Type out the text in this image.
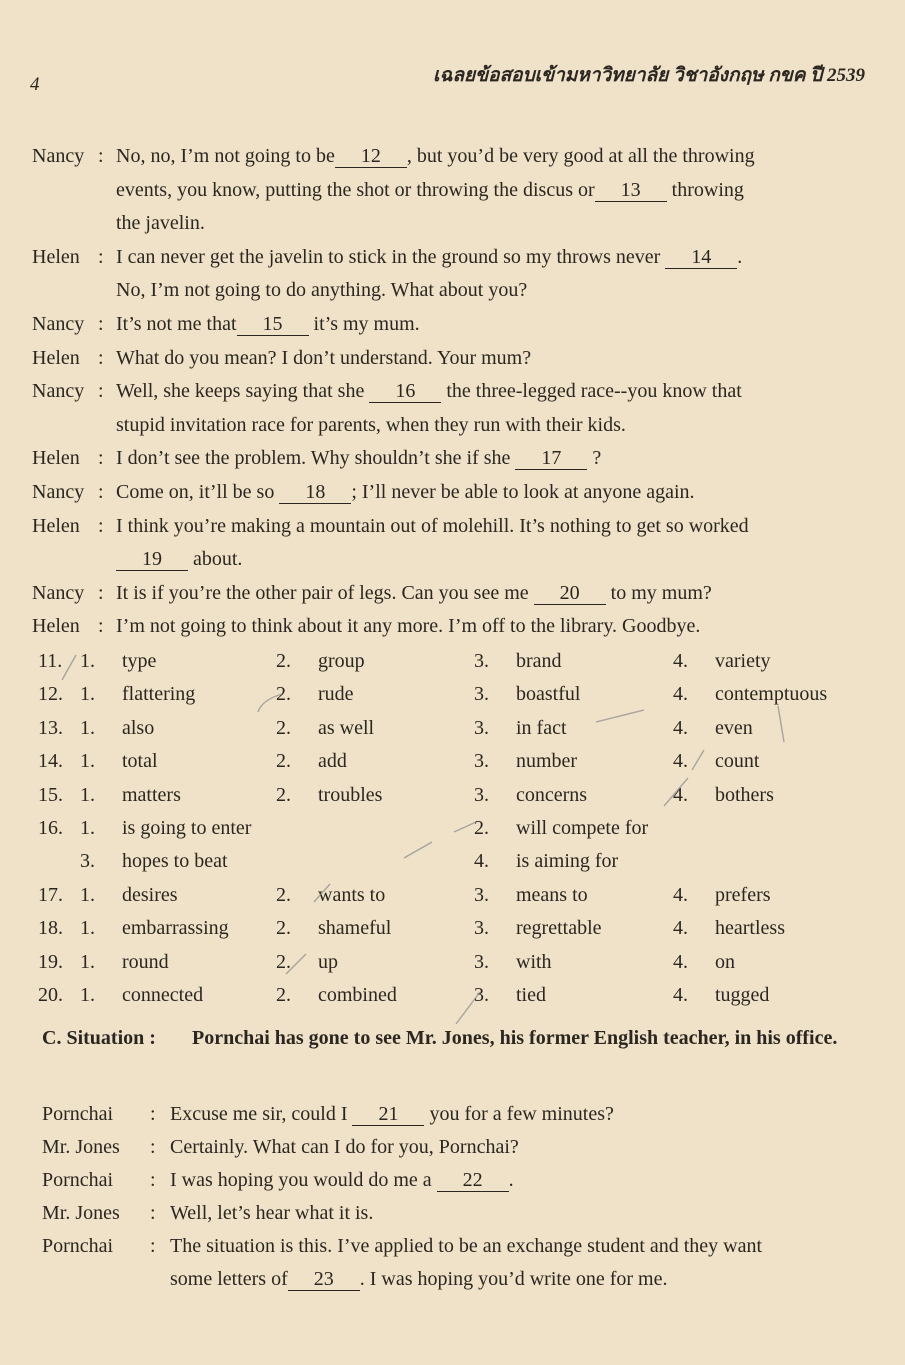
4	เฉลยข้อสอบเข้ามหาวิทยาลัย วิชาอังกฤษ กขค ปี 2539
Nancy : No, no, I’m not going to be 12 , but you’d be very good at all the throwing
events, you know, putting the shot or throwing the discus or 13 throwing
the javelin.
Helen : I can never get the javelin to stick in the ground so my throws never 14 .
No, I’m not going to do anything. What about you?
Nancy : It’s not me that 15 it’s my mum.
Helen : What do you mean? I don’t understand. Your mum?
Nancy : Well, she keeps saying that she 16 the three-legged race--you know that
stupid invitation race for parents, when they run with their kids.
Helen : I don’t see the problem. Why shouldn’t she if she 17 ?
Nancy : Come on, it’ll be so 18 ; I’ll never be able to look at anyone again.
Helen : I think you’re making a mountain out of molehill. It’s nothing to get so worked
19 about.
Nancy : It is if you’re the other pair of legs. Can you see me 20 to my mum?
Helen : I’m not going to think about it any more. I’m off to the library. Goodbye.
11. 1. type	2. group	3. brand	4. variety
12. 1. flattering	2. rude	3. boastful	4. contemptuous
13. 1. also	2. as well	3. in fact	4. even
14. 1. total	2. add	3. number	4. count
15. 1. matters	2. troubles	3. concerns	4. bothers
16. 1. is going to enter	2. will compete for
3. hopes to beat	4. is aiming for
17. 1. desires	2. wants to	3. means to	4. prefers
18. 1. embarrassing 2. shameful	3. regrettable	4. heartless
19. 1. round	2. up	3. with	4. on
20. 1. connected	2. combined	3. tied	4. tugged
C. Situation : Pornchai has gone to see Mr. Jones, his former English teacher, in his office.
Pornchai : Excuse me sir, could I 21 you for a few minutes?
Mr. Jones : Certainly. What can I do for you, Pornchai?
Pornchai : I was hoping you would do me a 22 .
Mr. Jones : Well, let’s hear what it is.
Pornchai : The situation is this. I’ve applied to be an exchange student and they want
some letters of 23 . I was hoping you’d write one for me.
